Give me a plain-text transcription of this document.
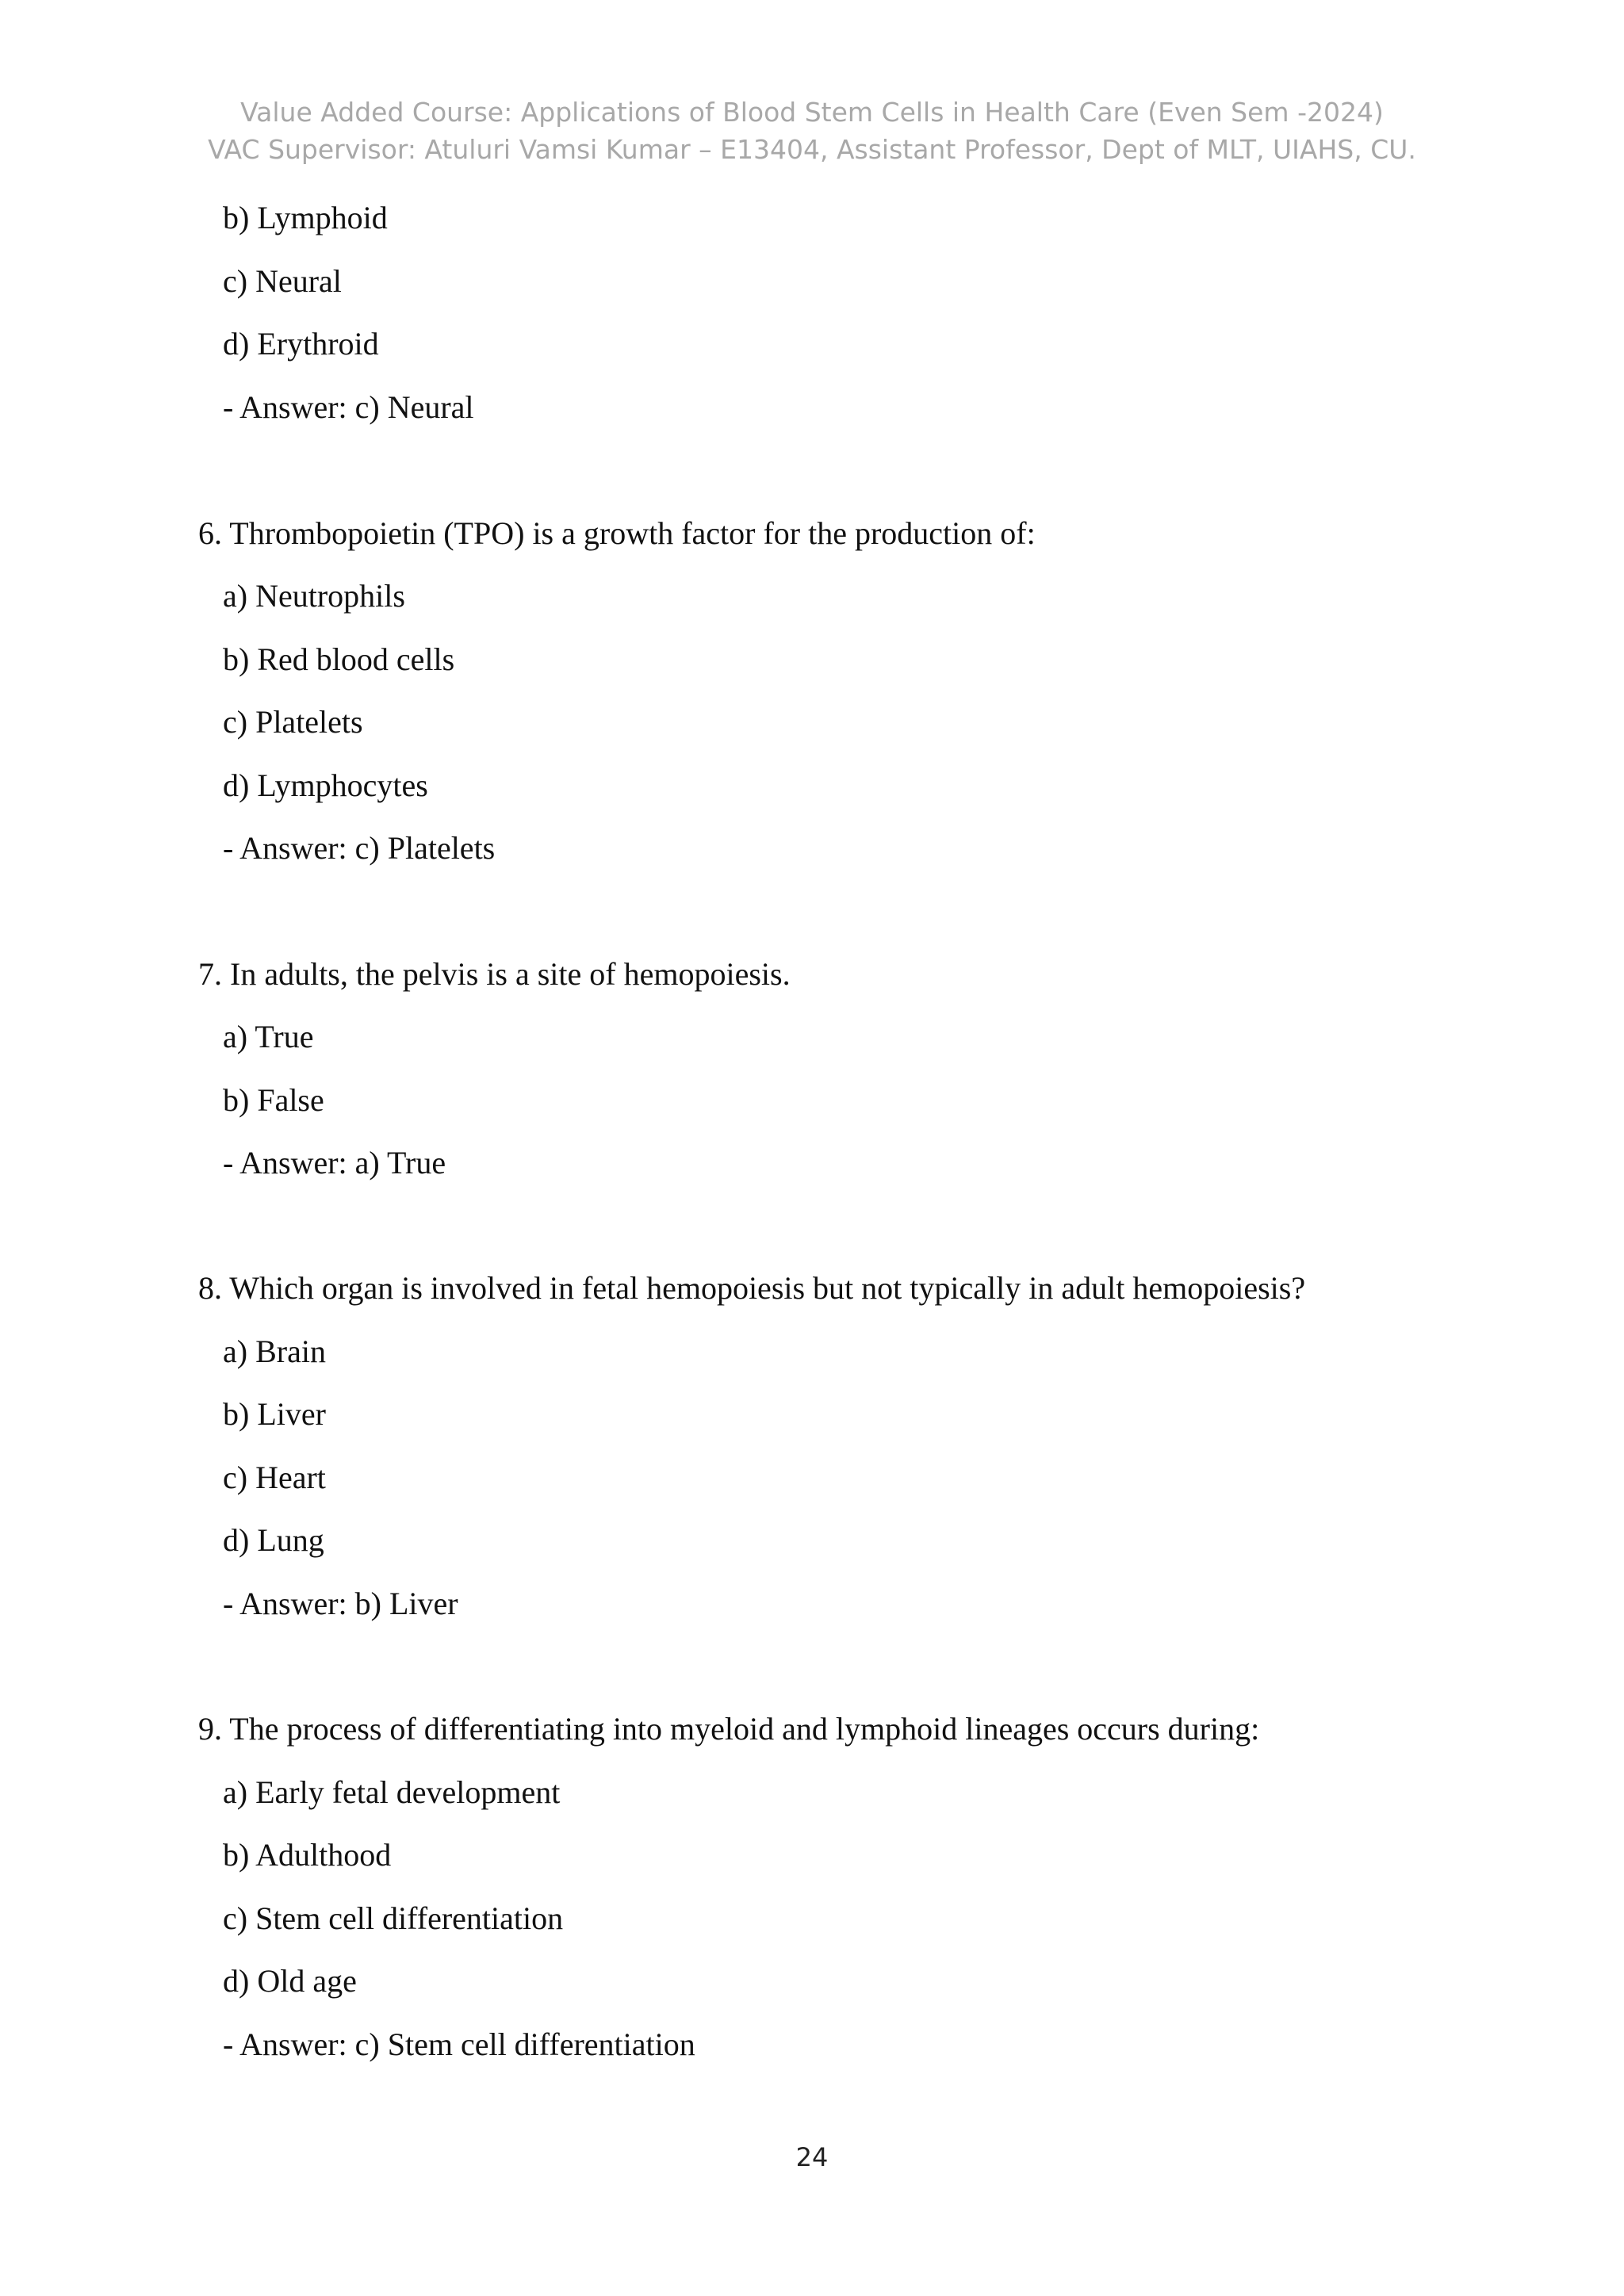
Value Added Course: Applications of Blood Stem Cells in Health Care (Even Sem -2024)
VAC Supervisor: Atuluri Vamsi Kumar – E13404, Assistant Professor, Dept of MLT, UIAHS, CU.
b) Lymphoid
c) Neural
d) Erythroid
- Answer: c) Neural
6. Thrombopoietin (TPO) is a growth factor for the production of:
a) Neutrophils
b) Red blood cells
c) Platelets
d) Lymphocytes
- Answer: c) Platelets
7. In adults, the pelvis is a site of hemopoiesis.
a) True
b) False
- Answer: a) True
8. Which organ is involved in fetal hemopoiesis but not typically in adult hemopoiesis?
a) Brain
b) Liver
c) Heart
d) Lung
- Answer: b) Liver
9. The process of differentiating into myeloid and lymphoid lineages occurs during:
a) Early fetal development
b) Adulthood
c) Stem cell differentiation
d) Old age
- Answer: c) Stem cell differentiation
24
